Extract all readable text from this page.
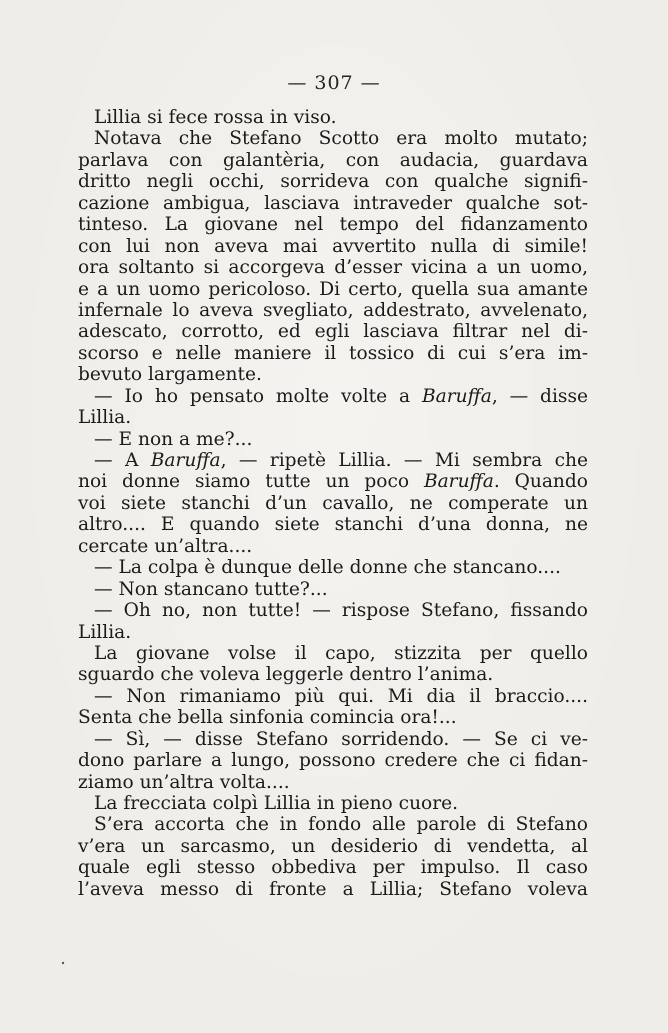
— 307 —
Lillia si fece rossa in viso.
Notava che Stefano Scotto era molto mutato;
parlava con galantèria, con audacia, guardava
dritto negli occhi, sorrideva con qualche signifi-
cazione ambigua, lasciava intraveder qualche sot-
tinteso. La giovane nel tempo del fidanzamento
con lui non aveva mai avvertito nulla di simile!
ora soltanto si accorgeva d’esser vicina a un uomo,
e a un uomo pericoloso. Di certo, quella sua amante
infernale lo aveva svegliato, addestrato, avvelenato,
adescato, corrotto, ed egli lasciava filtrar nel di-
scorso e nelle maniere il tossico di cui s’era im-
bevuto largamente.
— Io ho pensato molte volte a Baruffa, — disse
Lillia.
— E non a me?...
— A Baruffa, — ripetè Lillia. — Mi sembra che
noi donne siamo tutte un poco Baruffa. Quando
voi siete stanchi d’un cavallo, ne comperate un
altro.... E quando siete stanchi d’una donna, ne
cercate un’altra....
— La colpa è dunque delle donne che stancano....
— Non stancano tutte?...
— Oh no, non tutte! — rispose Stefano, fissando
Lillia.
La giovane volse il capo, stizzita per quello
sguardo che voleva leggerle dentro l’anima.
— Non rimaniamo più qui. Mi dia il braccio....
Senta che bella sinfonia comincia ora!...
— Sì, — disse Stefano sorridendo. — Se ci ve-
dono parlare a lungo, possono credere che ci fidan-
ziamo un’altra volta....
La frecciata colpì Lillia in pieno cuore.
S’era accorta che in fondo alle parole di Stefano
v’era un sarcasmo, un desiderio di vendetta, al
quale egli stesso obbediva per impulso. Il caso
l’aveva messo di fronte a Lillia; Stefano voleva
